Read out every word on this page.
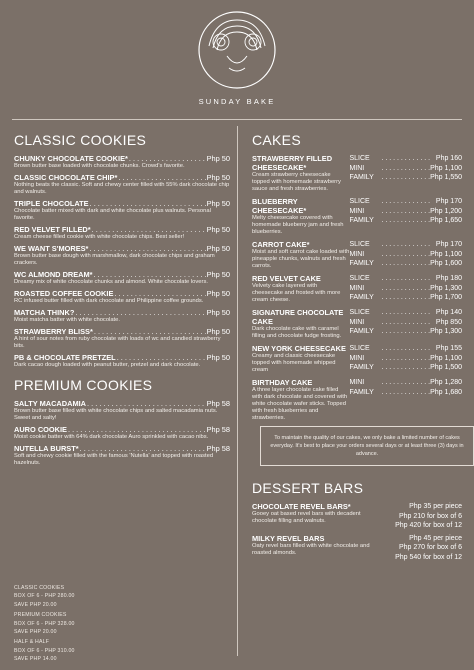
SUNDAY BAKE
CLASSIC COOKIES
CHUNKY CHOCOLATE COOKIE* . . .	Php 50
Brown butter base loaded with chocolate chunks. Crowd's favorite.
CLASSIC CHOCOLATE CHIP* . . .	Php 50
Nothing beats the classic. Soft and chewy center filled with 55% dark chocolate chip and walnuts.
TRIPLE CHOCOLATE . . .	Php 50
Chocolate batter mixed with dark and white chocolate plus walnuts. Personal favorite.
RED VELVET FILLED* . . .	Php 50
Cream cheese filled cookie with white chocolate chips. Best seller!
WE WANT S'MORES* . . .	Php 50
Brown butter base dough with marshmallow, dark chocolate chips and graham crackers.
WC ALMOND DREAM* . . .	Php 50
Dreamy mix of white chocolate chunks and almond. White chocolate lovers.
ROASTED COFFEE COOKIE . . .	Php 50
RC infused butter filled with dark chocolate and Philippine coffee grounds.
MATCHA THINK? . . .	Php 50
Moist matcha batter with white chocolate.
STRAWBERRY BLISS* . . .	Php 50
A hint of sour notes from ruby chocolate with loads of wc and candied strawberry bits.
PB & CHOCOLATE PRETZEL . . .	Php 50
Dark cacao dough loaded with peanut butter, pretzel and dark chocolate.
PREMIUM COOKIES
SALTY MACADAMIA . . .	Php 58
Brown butter base filled with white chocolate chips and salted macadamia nuts. Sweet and salty!
AURO COOKIE . . .	Php 58
Moist cookie batter with 64% dark chocolate Auro sprinkled with cacao nibs.
NUTELLA BURST* . . .	Php 58
Soft and chewy cookie filled with the famous 'Nutella' and topped with roasted hazelnuts.
CLASSIC COOKIES
BOX OF 6 - PHP 280.00
SAVE PHP 20.00
PREMIUM COOKIES
BOX OF 6 - PHP 328.00
SAVE PHP 20.00
HALF & HALF
BOX OF 6 - PHP 310.00
SAVE PHP 14.00
CAKES
STRAWBERRY FILLED CHEESECAKE*
Cream strawberry cheesecake topped with homemade strawberry sauce and fresh strawberries.
SLICE . . .	Php 160
MINI . . .	Php 1,100
FAMILY . . .	Php 1,550
BLUEBERRY CHEESECAKE*
Melty cheesecake covered with homemade blueberry jam and fresh blueberries.
SLICE . . .	Php 170
MINI . . .	Php 1,200
FAMILY . . .	Php 1,650
CARROT CAKE*
Moist and soft carrot cake loaded with pineapple chunks, walnuts and fresh carrots.
SLICE . . .	Php 170
MINI . . .	Php 1,100
FAMILY . . .	Php 1,600
RED VELVET CAKE
Velvety cake layered with cheesecake and frosted with more cream cheese.
SLICE . . .	Php 180
MINI . . .	Php 1,300
FAMILY . . .	Php 1,700
SIGNATURE CHOCOLATE CAKE
Dark chocolate cake with caramel filling and chocolate fudge frosting.
SLICE . . .	Php 140
MINI . . .	Php 850
FAMILY . . .	Php 1,300
NEW YORK CHEESECAKE
Creamy and classic cheesecake topped with homemade whipped cream
SLICE . . .	Php 155
MINI . . .	Php 1,100
FAMILY . . .	Php 1,500
BIRTHDAY CAKE
A three layer chocolate cake filled with dark chocolate and covered with white chocolate wafer sticks. Topped with fresh blueberries and strawberries.
MINI . . .	Php 1,280
FAMILY . . .	Php 1,680
To maintain the quality of our cakes, we only bake a limited number of cakes everyday. It's best to place your orders several days or at least three (3) days in advance.
DESSERT BARS
CHOCOLATE REVEL BARS*
Gooey oat based revel bars with decadent chocolate filling and walnuts.
Php 35 per piece
Php 210 for box of 6
Php 420 for box of 12
MILKY REVEL BARS
Oaty revel bars filled with white chocolate and roasted almonds.
Php 45 per piece
Php 270 for box of 6
Php 540 for box of 12
